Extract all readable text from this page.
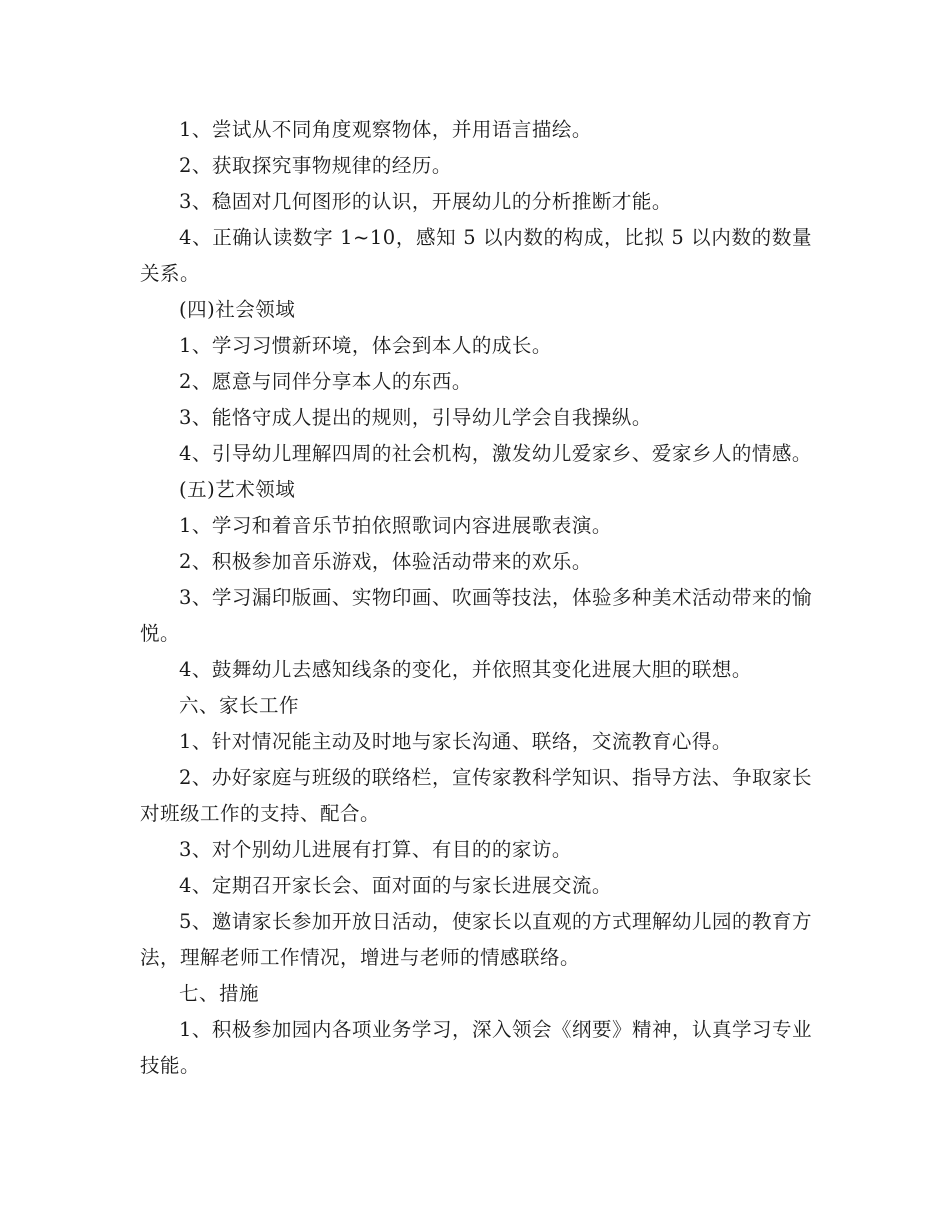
1、尝试从不同角度观察物体，并用语言描绘。

2、获取探究事物规律的经历。

3、稳固对几何图形的认识，开展幼儿的分析推断才能。

4、正确认读数字 1~10，感知 5 以内数的构成，比拟 5 以内数的数量关系。

(四)社会领域

1、学习习惯新环境，体会到本人的成长。

2、愿意与同伴分享本人的东西。

3、能恪守成人提出的规则，引导幼儿学会自我操纵。

4、引导幼儿理解四周的社会机构，激发幼儿爱家乡、爱家乡人的情感。

(五)艺术领域

1、学习和着音乐节拍依照歌词内容进展歌表演。

2、积极参加音乐游戏，体验活动带来的欢乐。

3、学习漏印版画、实物印画、吹画等技法，体验多种美术活动带来的愉悦。

4、鼓舞幼儿去感知线条的变化，并依照其变化进展大胆的联想。

六、家长工作

1、针对情况能主动及时地与家长沟通、联络，交流教育心得。

2、办好家庭与班级的联络栏，宣传家教科学知识、指导方法、争取家长对班级工作的支持、配合。

3、对个别幼儿进展有打算、有目的的家访。

4、定期召开家长会、面对面的与家长进展交流。

5、邀请家长参加开放日活动，使家长以直观的方式理解幼儿园的教育方法，理解老师工作情况，增进与老师的情感联络。

七、措施

1、积极参加园内各项业务学习，深入领会《纲要》精神，认真学习专业技能。
